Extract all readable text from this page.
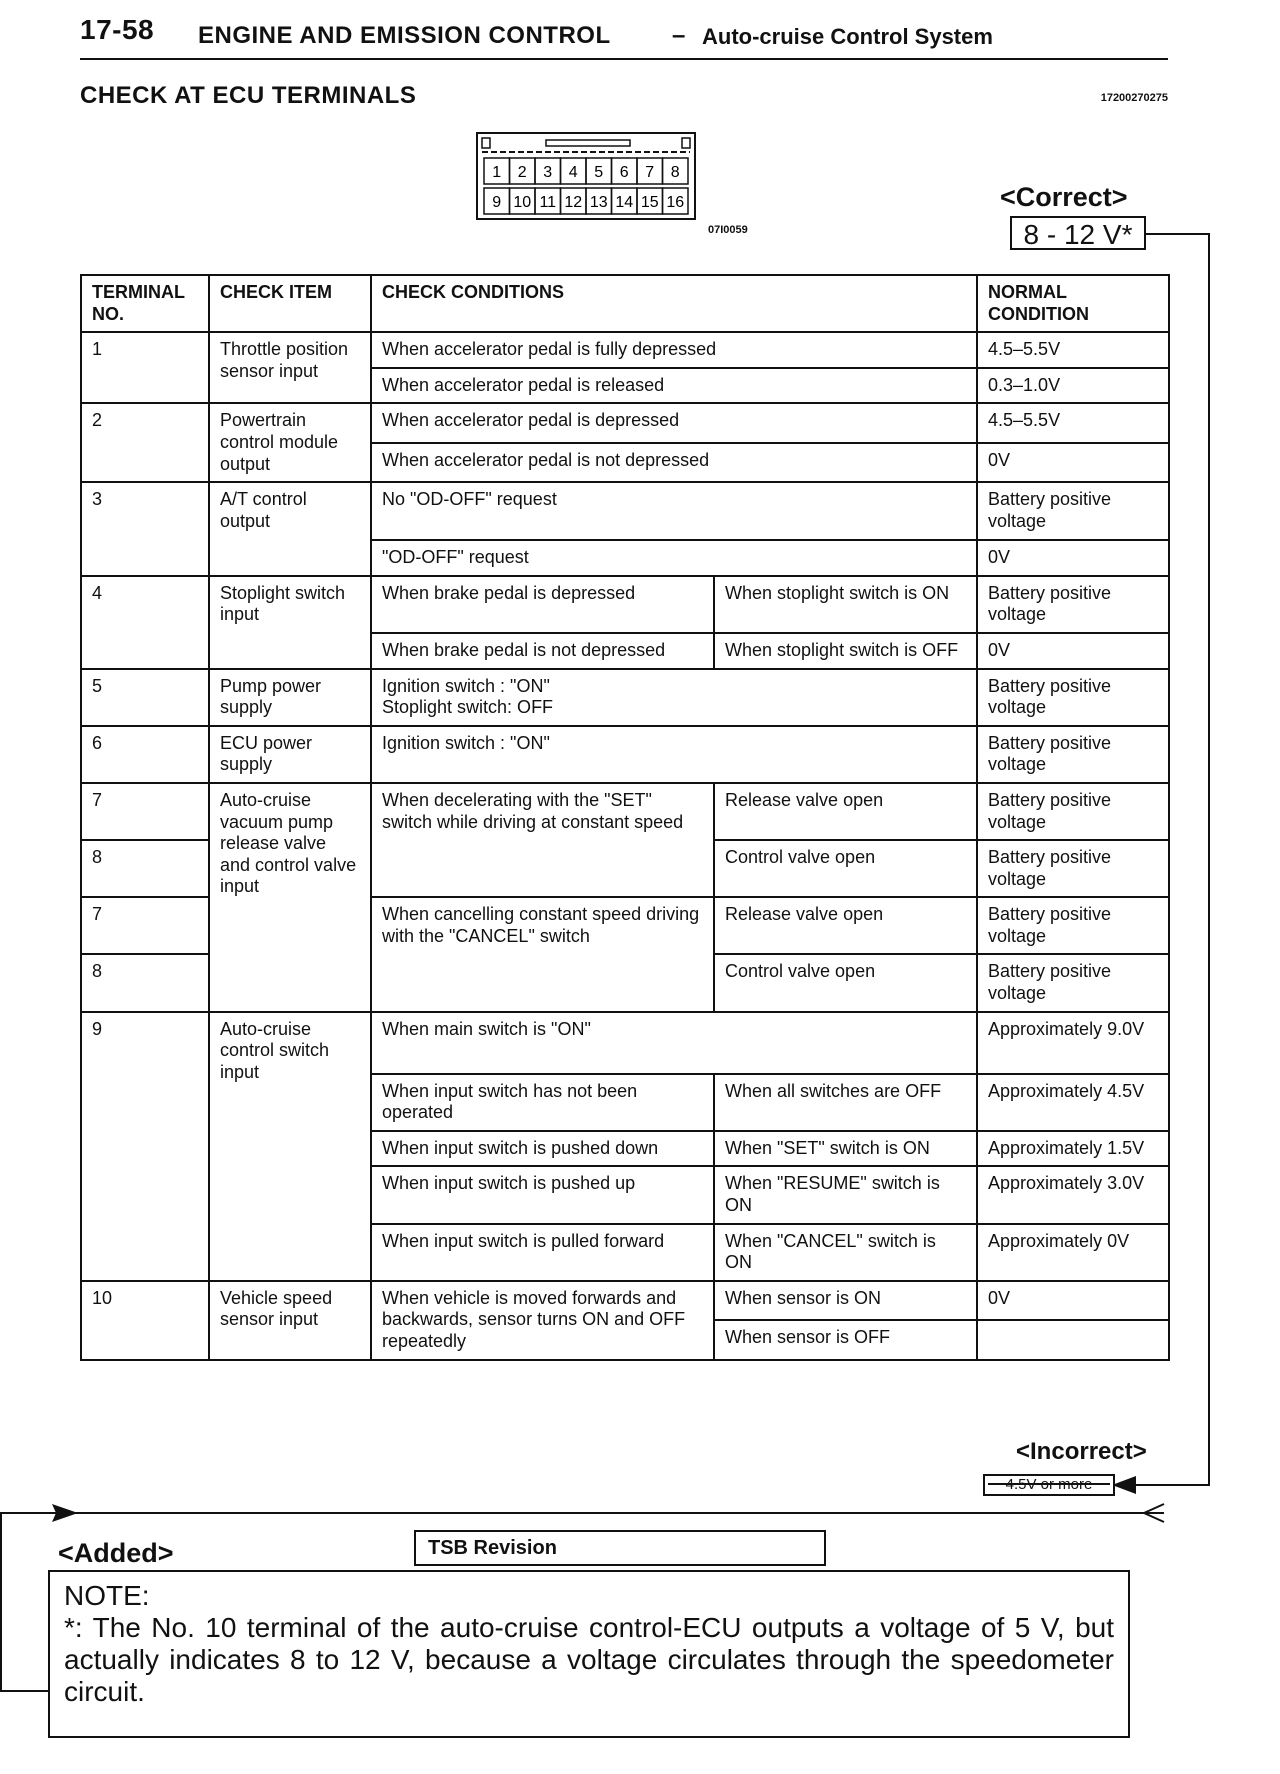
17-58 ENGINE AND EMISSION CONTROL	– Auto-cruise Control System
CHECK AT ECU TERMINALS	17200270275
1 2 3 4 5 6 7 8
9 10 11 12 13 14 15 16
07I0059
<Correct>
8 - 12 V*
TERMINAL NO.	CHECK ITEM	CHECK CONDITIONS		NORMAL CONDITION
1	Throttle position sensor input	When accelerator pedal is fully depressed		4.5–5.5V
		When accelerator pedal is released		0.3–1.0V
2	Powertrain control module output	When accelerator pedal is depressed		4.5–5.5V
		When accelerator pedal is not depressed		0V
3	A/T control output	No "OD-OFF" request		Battery positive voltage
		"OD-OFF" request		0V
4	Stoplight switch input	When brake pedal is depressed	When stoplight switch is ON	Battery positive voltage
		When brake pedal is not depressed	When stoplight switch is OFF	0V
5	Pump power supply	Ignition switch : "ON"
Stoplight switch: OFF		Battery positive voltage
6	ECU power supply	Ignition switch : "ON"		Battery positive voltage
7	Auto-cruise vacuum pump release valve and control valve input	When decelerating with the "SET" switch while driving at constant speed	Release valve open	Battery positive voltage
8			Control valve open	Battery positive voltage
7		When cancelling constant speed driving with the "CANCEL" switch	Release valve open	Battery positive voltage
8			Control valve open	Battery positive voltage
9	Auto-cruise control switch input	When main switch is "ON"		Approximately 9.0V
		When input switch has not been operated	When all switches are OFF	Approximately 4.5V
		When input switch is pushed down	When "SET" switch is ON	Approximately 1.5V
		When input switch is pushed up	When "RESUME" switch is ON	Approximately 3.0V
		When input switch is pulled forward	When "CANCEL" switch is ON	Approximately 0V
10	Vehicle speed sensor input	When vehicle is moved forwards and backwards, sensor turns ON and OFF repeatedly	When sensor is ON	0V
			When sensor is OFF	
<Incorrect>
<Added>	TSB Revision
NOTE:
*: The No. 10 terminal of the auto-cruise control-ECU outputs a voltage of 5 V, but actually indicates 8 to 12 V, because a voltage circulates through the speedometer circuit.
